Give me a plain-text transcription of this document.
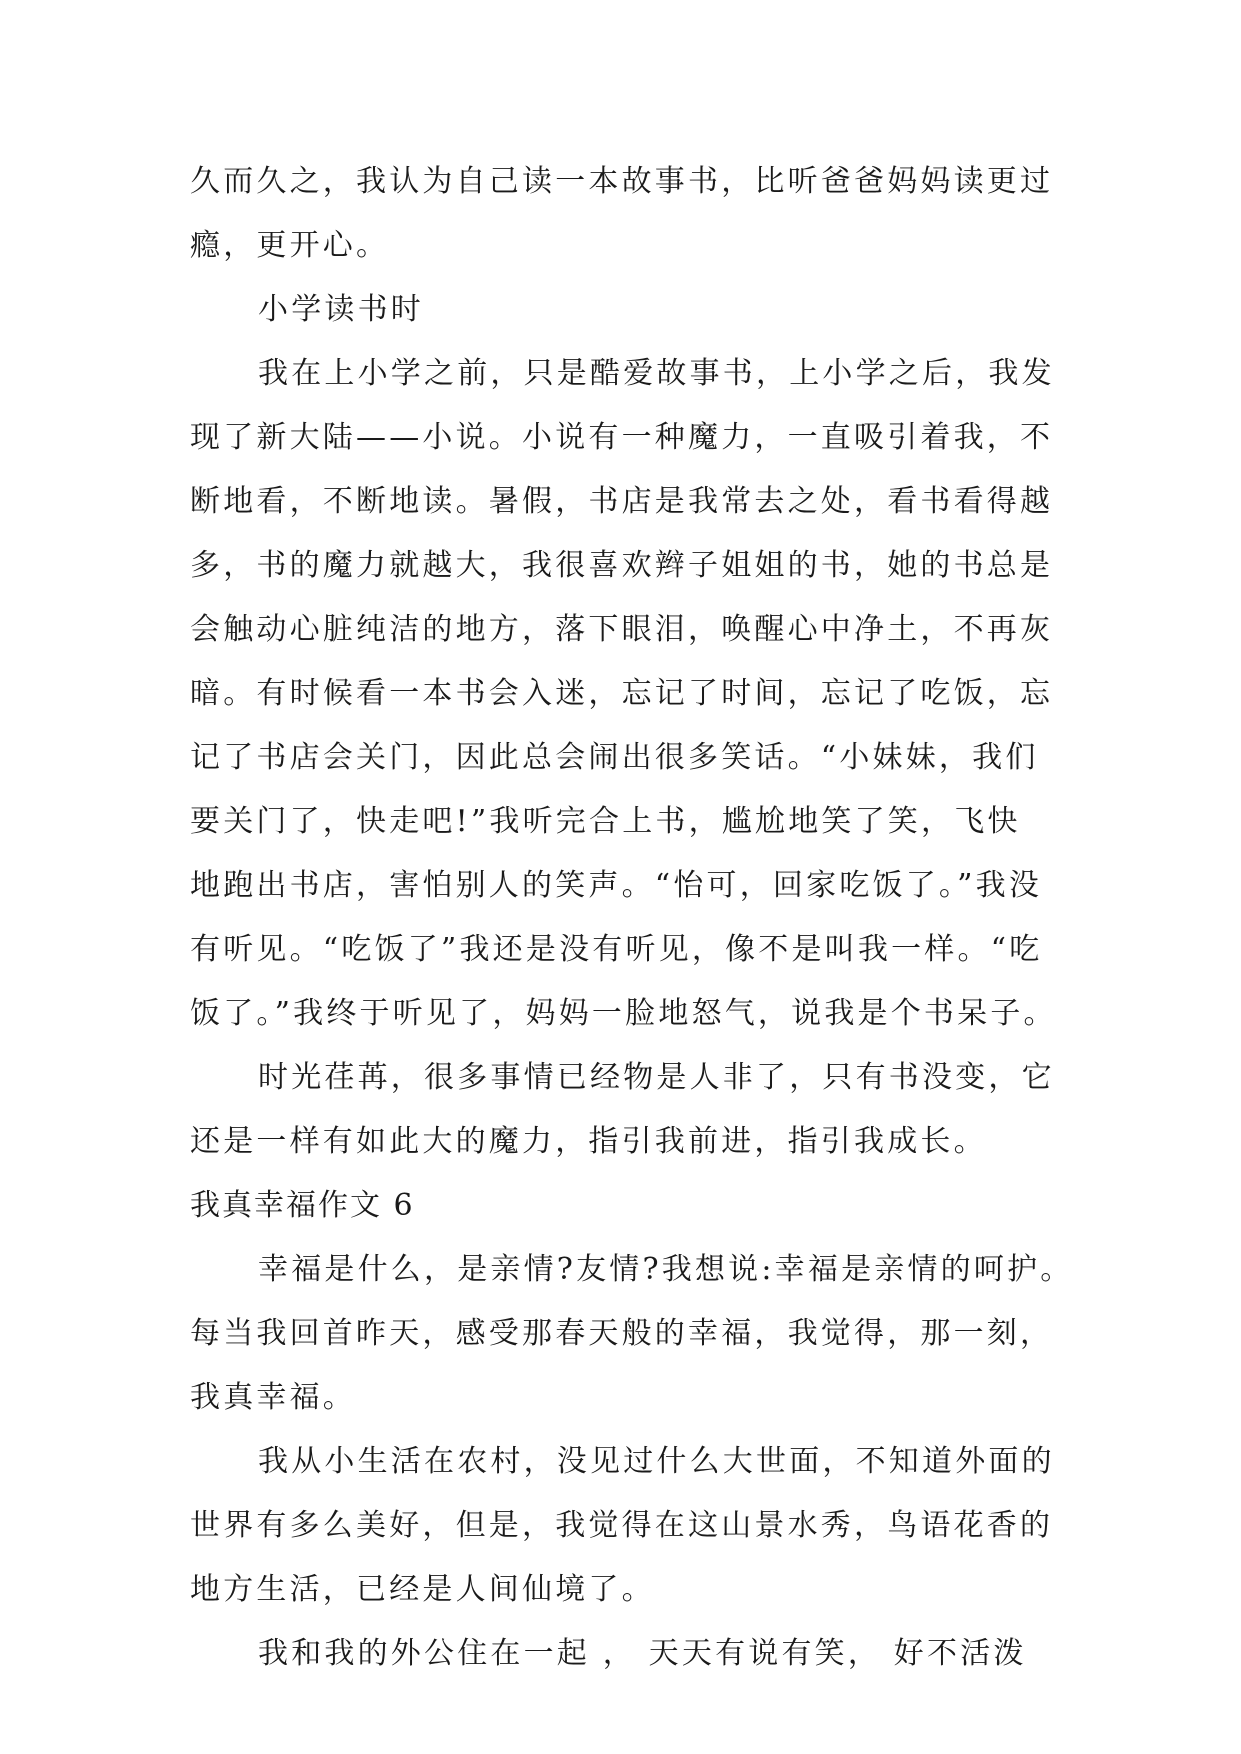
久而久之，我认为自己读一本故事书，比听爸爸妈妈读更过
瘾，更开心。
小学读书时
我在上小学之前，只是酷爱故事书，上小学之后，我发
现了新大陆——小说。小说有一种魔力，一直吸引着我，不
断地看，不断地读。暑假，书店是我常去之处，看书看得越
多，书的魔力就越大，我很喜欢辫子姐姐的书，她的书总是
会触动心脏纯洁的地方，落下眼泪，唤醒心中净土，不再灰
暗。有时候看一本书会入迷，忘记了时间，忘记了吃饭，忘
记了书店会关门，因此总会闹出很多笑话。“小妹妹，我们
要关门了，快走吧!”我听完合上书，尴尬地笑了笑，飞快
地跑出书店，害怕别人的笑声。“怡可，回家吃饭了。”我没
有听见。“吃饭了”我还是没有听见，像不是叫我一样。“吃
饭了。”我终于听见了，妈妈一脸地怒气，说我是个书呆子。
时光荏苒，很多事情已经物是人非了，只有书没变，它
还是一样有如此大的魔力，指引我前进，指引我成长。
我真幸福作文 6
幸福是什么，是亲情?友情?我想说:幸福是亲情的呵护。
每当我回首昨天，感受那春天般的幸福，我觉得，那一刻，
我真幸福。
我从小生活在农村，没见过什么大世面，不知道外面的
世界有多么美好，但是，我觉得在这山景水秀，鸟语花香的
地方生活，已经是人间仙境了。
我和我的外公住在一起 ， 天天有说有笑， 好不活泼
